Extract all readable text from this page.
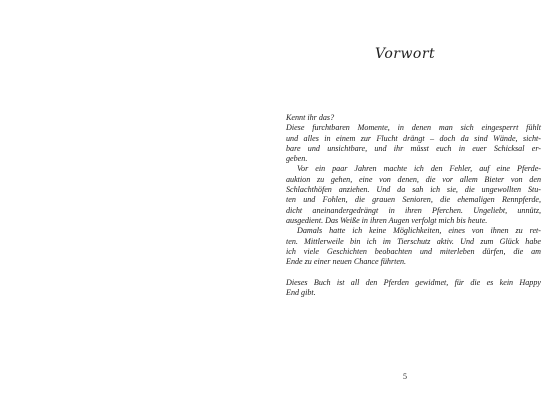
Vorwort
Kennt ihr das?
Diese furchtbaren Momente, in denen man sich eingesperrt fühlt
und alles in einem zur Flucht drängt – doch da sind Wände, sicht-
bare und unsichtbare, und ihr müsst euch in euer Schicksal er-
geben.
Vor ein paar Jahren machte ich den Fehler, auf eine Pferde-
auktion zu gehen, eine von denen, die vor allem Bieter von den
Schlachthöfen anziehen. Und da sah ich sie, die ungewollten Stu-
ten und Fohlen, die grauen Senioren, die ehemaligen Rennpferde,
dicht aneinandergedrängt in ihren Pferchen. Ungeliebt, unnütz,
ausgedient. Das Weiße in ihren Augen verfolgt mich bis heute.
Damals hatte ich keine Möglichkeiten, eines von ihnen zu ret-
ten. Mittlerweile bin ich im Tierschutz aktiv. Und zum Glück habe
ich viele Geschichten beobachten und miterleben dürfen, die am
Ende zu einer neuen Chance führten.
Dieses Buch ist all den Pferden gewidmet, für die es kein Happy
End gibt.
5
